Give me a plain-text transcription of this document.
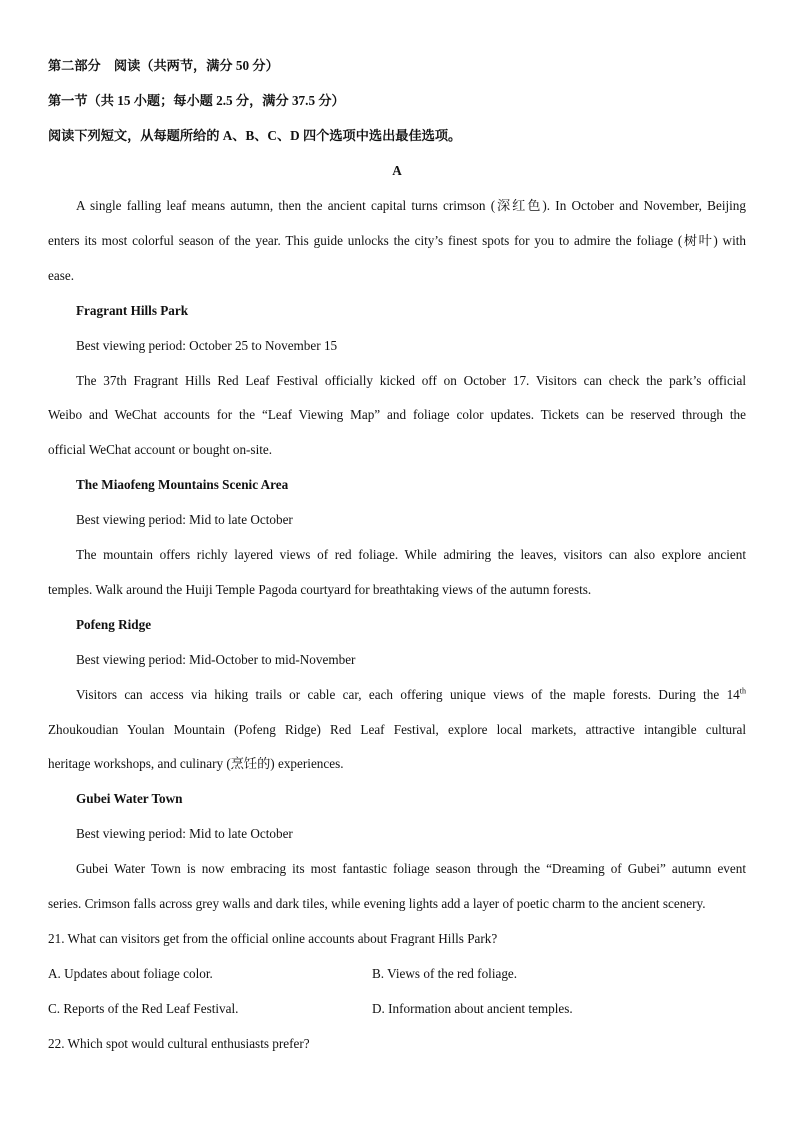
第二部分　阅读（共两节，满分 50 分）
第一节（共 15 小题；每小题 2.5 分，满分 37.5 分）
阅读下列短文，从每题所给的 A、B、C、D 四个选项中选出最佳选项。
A
A single falling leaf means autumn, then the ancient capital turns crimson (深红色). In October and November, Beijing
enters its most colorful season of the year. This guide unlocks the city’s finest spots for you to admire the foliage (树叶) with
ease.
Fragrant Hills Park
Best viewing period: October 25 to November 15
The 37th Fragrant Hills Red Leaf Festival officially kicked off on October 17. Visitors can check the park’s official
Weibo and WeChat accounts for the “Leaf Viewing Map” and foliage color updates. Tickets can be reserved through the
official WeChat account or bought on-site.
The Miaofeng Mountains Scenic Area
Best viewing period: Mid to late October
The mountain offers richly layered views of red foliage. While admiring the leaves, visitors can also explore ancient
temples. Walk around the Huiji Temple Pagoda courtyard for breathtaking views of the autumn forests.
Pofeng Ridge
Best viewing period: Mid-October to mid-November
Visitors can access via hiking trails or cable car, each offering unique views of the maple forests. During the 14th
Zhoukoudian Youlan Mountain (Pofeng Ridge) Red Leaf Festival, explore local markets, attractive intangible cultural
heritage workshops, and culinary (烹饪的) experiences.
Gubei Water Town
Best viewing period: Mid to late October
Gubei Water Town is now embracing its most fantastic foliage season through the “Dreaming of Gubei” autumn event
series. Crimson falls across grey walls and dark tiles, while evening lights add a layer of poetic charm to the ancient scenery.
21. What can visitors get from the official online accounts about Fragrant Hills Park?
A. Updates about foliage color.	B. Views of the red foliage.
C. Reports of the Red Leaf Festival.	D. Information about ancient temples.
22. Which spot would cultural enthusiasts prefer?
